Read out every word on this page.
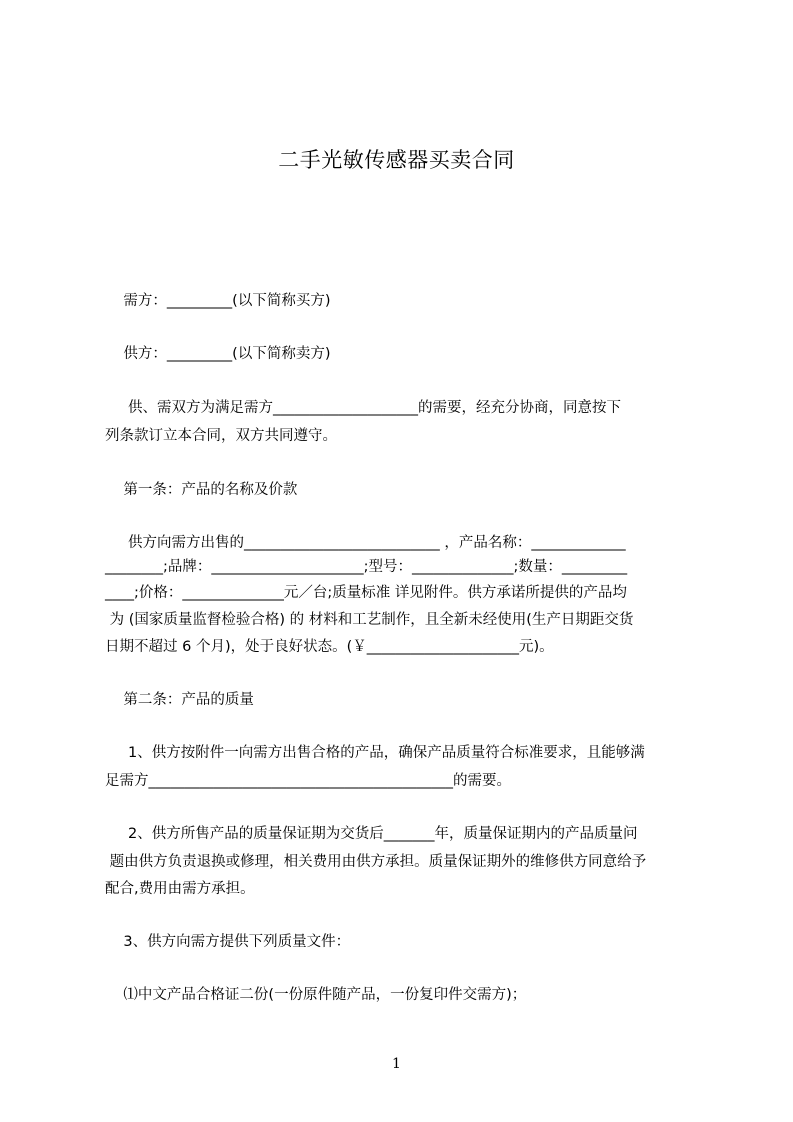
二手光敏传感器买卖合同
需方：_________(以下简称买方)
供方：_________(以下简称卖方)
供、需双方为满足需方____________________的需要，经充分协商，同意按下
列条款订立本合同，双方共同遵守。
第一条：产品的名称及价款
供方向需方出售的___________________________ ，产品名称：_____________
________;品牌：_____________________;型号：______________;数量：_________
____;价格：______________元／台;质量标准 详见附件。供方承诺所提供的产品均
为 (国家质量监督检验合格) 的 材料和工艺制作，且全新未经使用(生产日期距交货
日期不超过 6 个月)，处于良好状态。(￥_____________________元)。
第二条：产品的质量
1、供方按附件一向需方出售合格的产品，确保产品质量符合标准要求，且能够满
足需方__________________________________________的需要。
2、供方所售产品的质量保证期为交货后_______年，质量保证期内的产品质量问
题由供方负责退换或修理，相关费用由供方承担。质量保证期外的维修供方同意给予
配合,费用由需方承担。
3、供方向需方提供下列质量文件：
⑴中文产品合格证二份(一份原件随产品，一份复印件交需方)；
1
